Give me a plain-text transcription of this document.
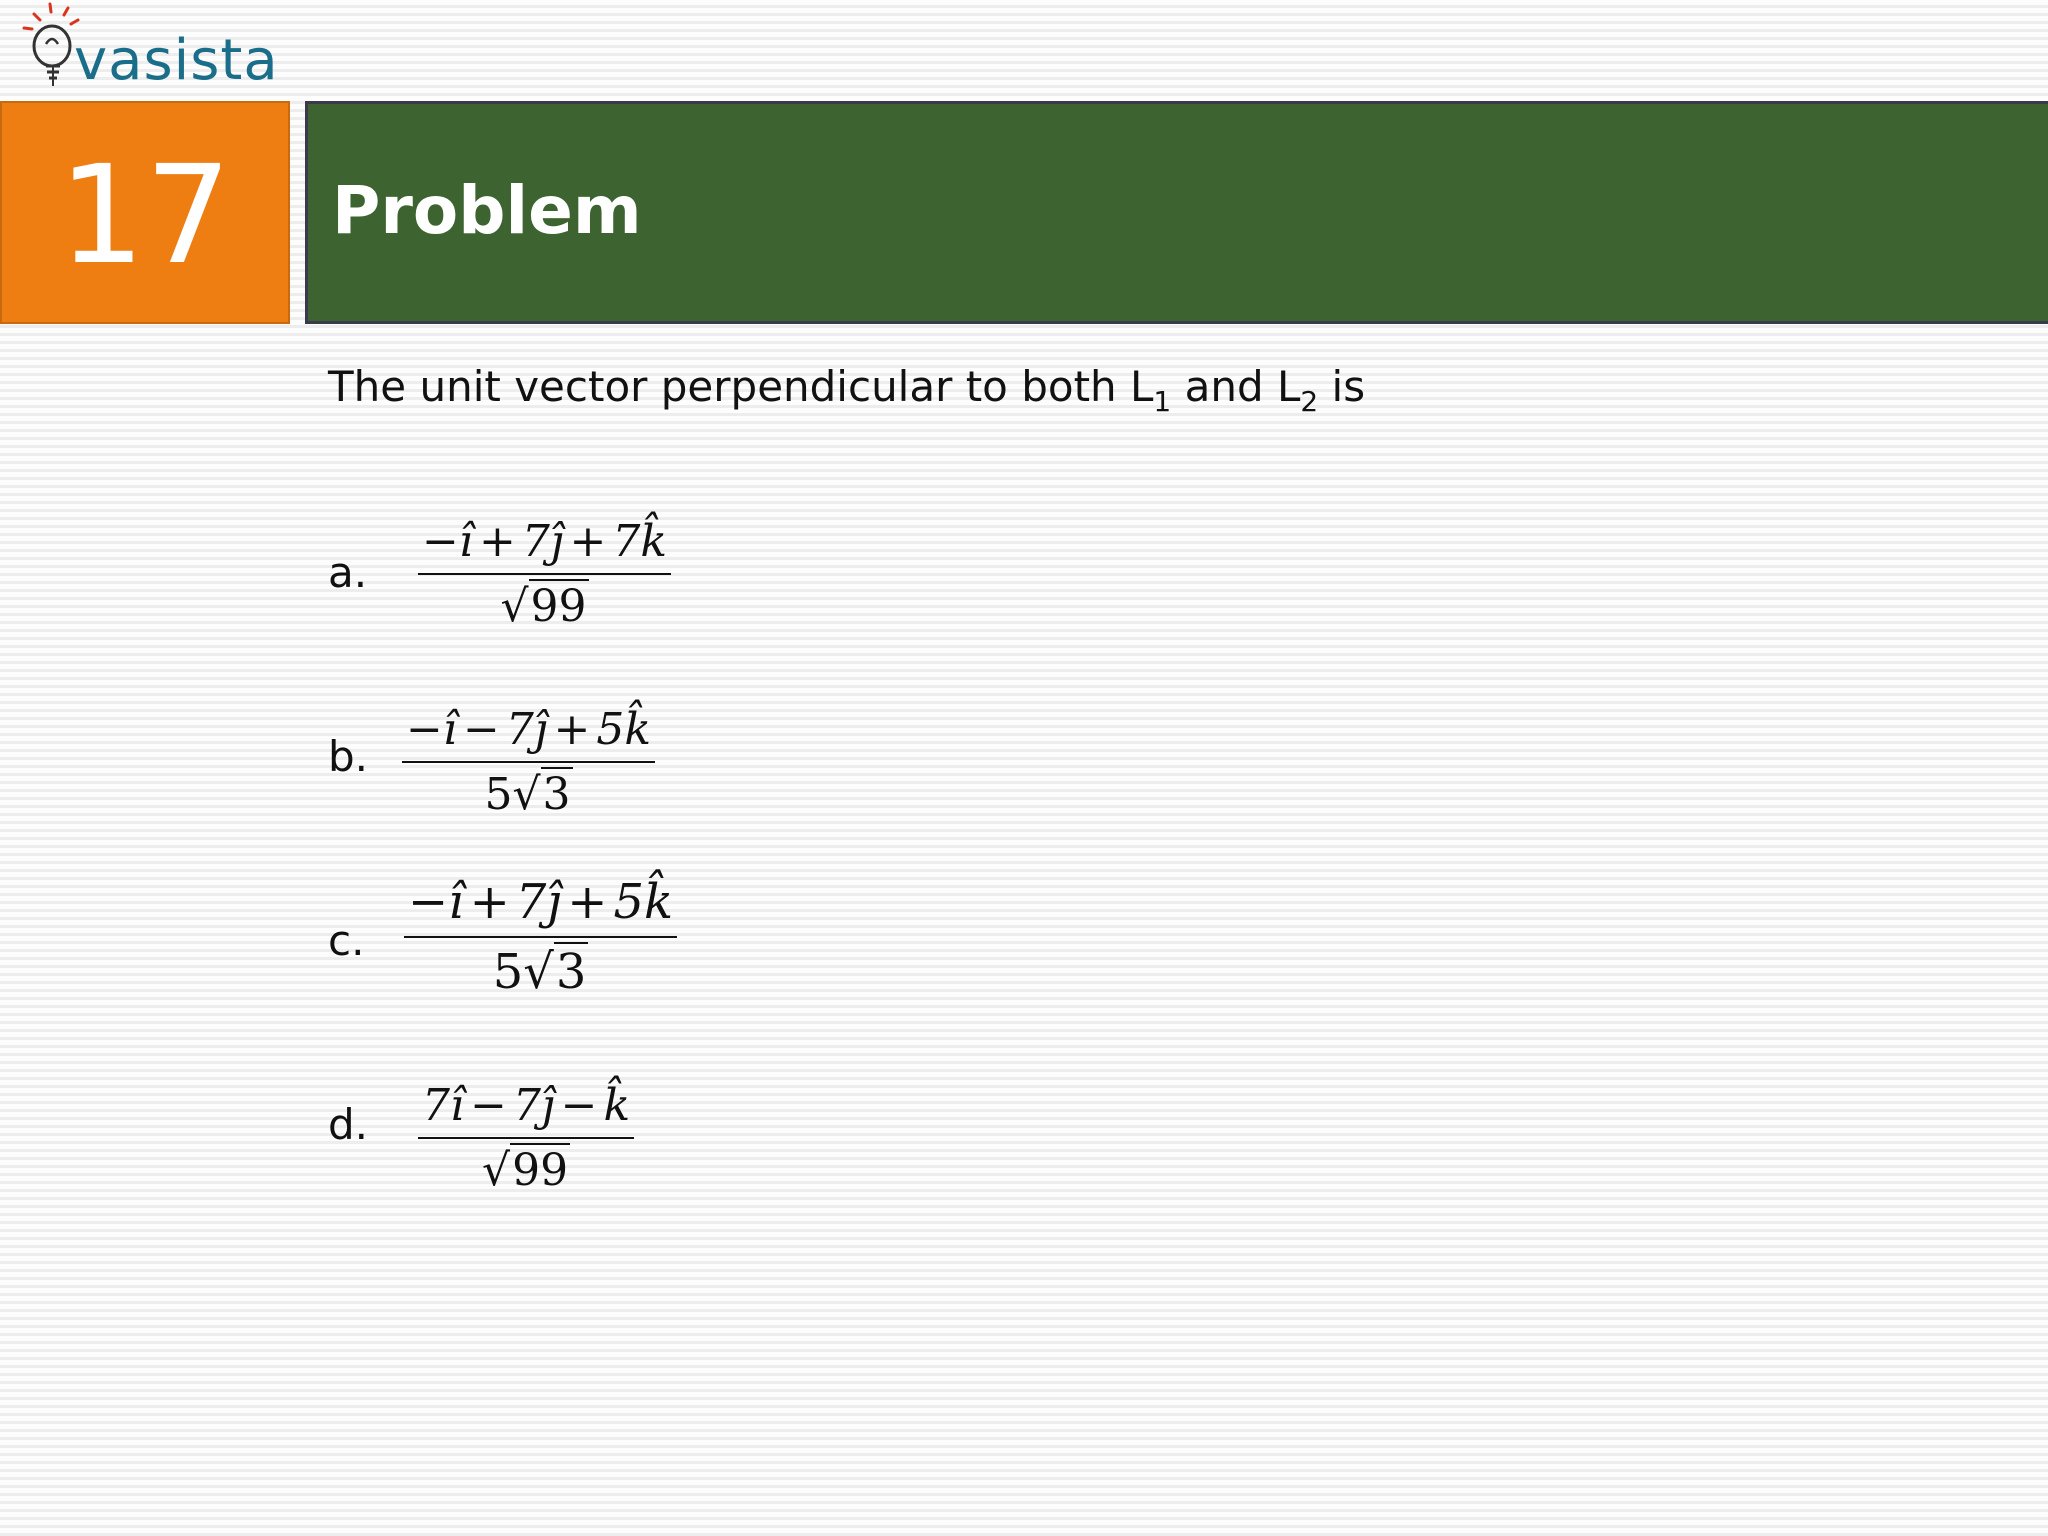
vasista
17 Problem
The unit vector perpendicular to both $L_1$ and $L_2$ is
a.
−î + 7ĵ + 7k̂
√99
b.
−î − 7ĵ + 5k̂
5√3
c.
−î + 7ĵ + 5k̂
5√3
d. 7î − 7ĵ − k̂
√99
